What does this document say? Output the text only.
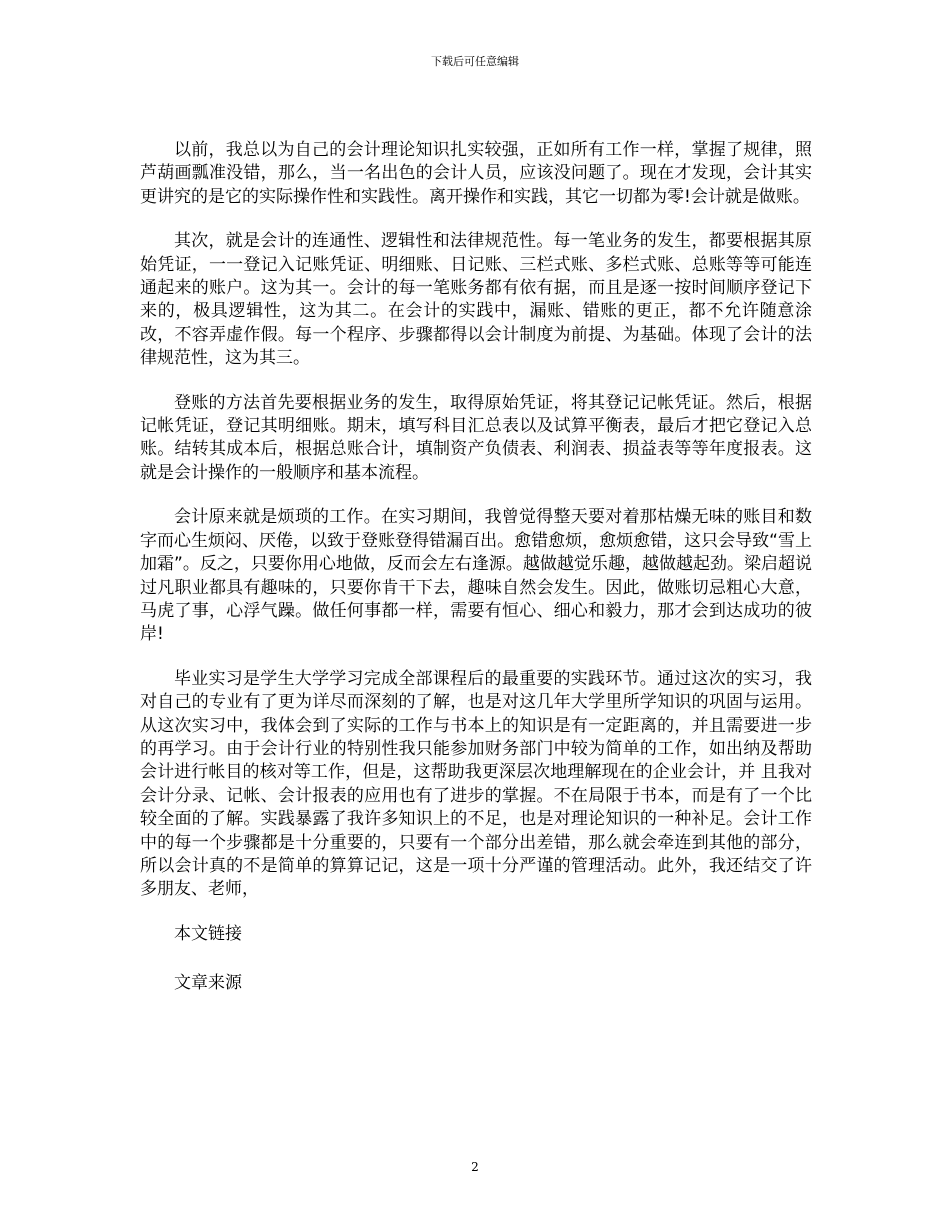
下载后可任意编辑

以前，我总以为自己的会计理论知识扎实较强，正如所有工作一样，掌握了规律，照芦葫画瓢准没错，那么，当一名出色的会计人员，应该没问题了。现在才发现，会计其实更讲究的是它的实际操作性和实践性。离开操作和实践，其它一切都为零!会计就是做账。

其次，就是会计的连通性、逻辑性和法律规范性。每一笔业务的发生，都要根据其原始凭证，一一登记入记账凭证、明细账、日记账、三栏式账、多栏式账、总账等等可能连通起来的账户。这为其一。会计的每一笔账务都有依有据，而且是逐一按时间顺序登记下来的，极具逻辑性，这为其二。在会计的实践中，漏账、错账的更正，都不允许随意涂改，不容弄虚作假。每一个程序、步骤都得以会计制度为前提、为基础。体现了会计的法律规范性，这为其三。

登账的方法首先要根据业务的发生，取得原始凭证，将其登记记帐凭证。然后，根据记帐凭证，登记其明细账。期末，填写科目汇总表以及试算平衡表，最后才把它登记入总账。结转其成本后，根据总账合计，填制资产负债表、利润表、损益表等等年度报表。这就是会计操作的一般顺序和基本流程。

会计原来就是烦琐的工作。在实习期间，我曾觉得整天要对着那枯燥无味的账目和数字而心生烦闷、厌倦，以致于登账登得错漏百出。愈错愈烦，愈烦愈错，这只会导致“雪上加霜”。反之，只要你用心地做，反而会左右逢源。越做越觉乐趣，越做越起劲。梁启超说过凡职业都具有趣味的，只要你肯干下去，趣味自然会发生。因此，做账切忌粗心大意，马虎了事，心浮气躁。做任何事都一样，需要有恒心、细心和毅力，那才会到达成功的彼岸!

毕业实习是学生大学学习完成全部课程后的最重要的实践环节。通过这次的实习，我对自己的专业有了更为详尽而深刻的了解，也是对这几年大学里所学知识的巩固与运用。从这次实习中，我体会到了实际的工作与书本上的知识是有一定距离的，并且需要进一步的再学习。由于会计行业的特别性我只能参加财务部门中较为简单的工作，如出纳及帮助会计进行帐目的核对等工作，但是，这帮助我更深层次地理解现在的企业会计，并 且我对会计分录、记帐、会计报表的应用也有了进步的掌握。不在局限于书本，而是有了一个比较全面的了解。实践暴露了我许多知识上的不足，也是对理论知识的一种补足。会计工作中的每一个步骤都是十分重要的，只要有一个部分出差错，那么就会牵连到其他的部分，所以会计真的不是简单的算算记记，这是一项十分严谨的管理活动。此外，我还结交了许多朋友、老师，

本文链接

文章来源

2
